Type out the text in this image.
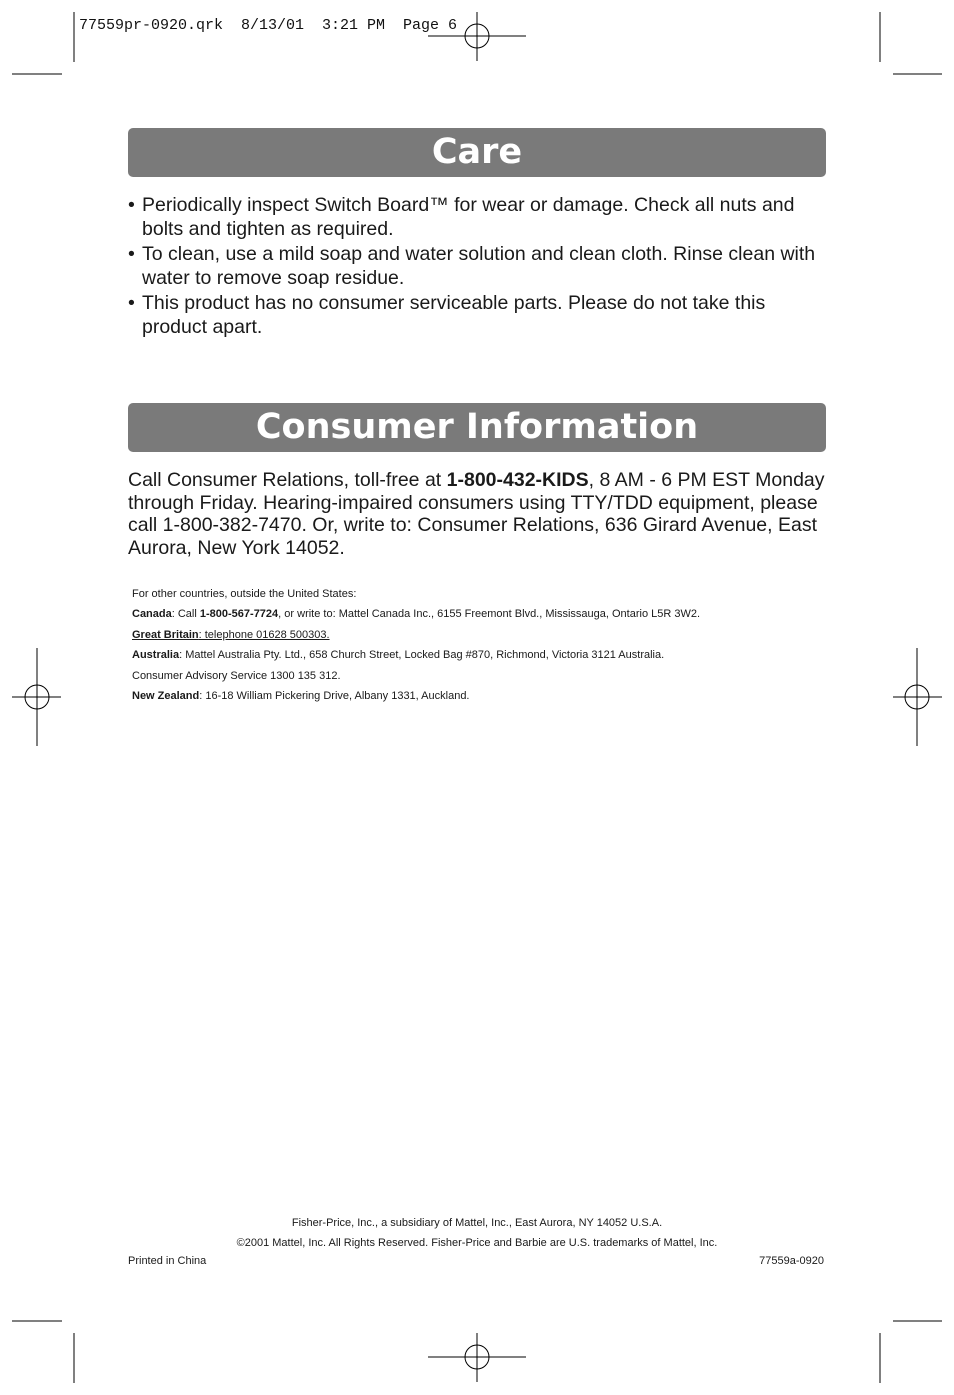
77559pr-0920.qrk  8/13/01  3:21 PM  Page 6
Care
• Periodically inspect Switch Board™ for wear or damage. Check all nuts and bolts and tighten as required.
• To clean, use a mild soap and water solution and clean cloth. Rinse clean with water to remove soap residue.
• This product has no consumer serviceable parts. Please do not take this product apart.
Consumer Information

Call Consumer Relations, toll-free at 1-800-432-KIDS, 8 AM - 6 PM EST Monday through Friday. Hearing-impaired consumers using TTY/TDD equipment, please call 1-800-382-7470. Or, write to: Consumer Relations, 636 Girard Avenue, East Aurora, New York 14052.

For other countries, outside the United States:
Canada: Call 1-800-567-7724, or write to: Mattel Canada Inc., 6155 Freemont Blvd., Mississauga, Ontario L5R 3W2.
Great Britain: telephone 01628 500303.
Australia: Mattel Australia Pty. Ltd., 658 Church Street, Locked Bag #870, Richmond, Victoria 3121 Australia.
Consumer Advisory Service 1300 135 312.
New Zealand: 16-18 William Pickering Drive, Albany 1331, Auckland.
Fisher-Price, Inc., a subsidiary of Mattel, Inc., East Aurora, NY 14052 U.S.A.
©2001 Mattel, Inc. All Rights Reserved. Fisher-Price and Barbie are U.S. trademarks of Mattel, Inc.
Printed in China	77559a-0920
